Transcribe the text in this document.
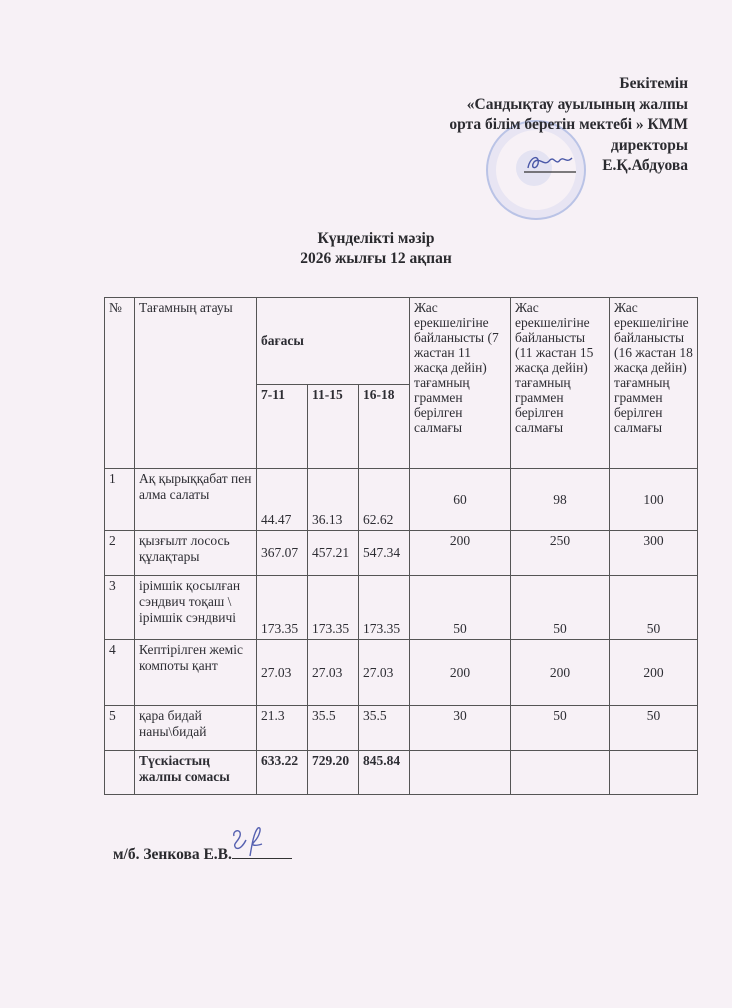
Бекітемін
«Сандықтау ауылының жалпы
орта білім беретін мектебі » КММ
директоры
Е.Қ.Абдуова
Күнделікті мәзір
2026 жылғы 12 ақпан
№	Тағамның атауы	бағасы			Жас ерекшелігіне байланысты (7 жастан 11 жасқа дейін) тағамның граммен берілген салмағы	Жас ерекшелігіне байланысты (11 жастан 15 жасқа дейін) тағамның граммен берілген салмағы	Жас ерекшелігіне байланысты (16 жастан 18 жасқа дейін) тағамның граммен берілген салмағы
		7-11	11-15	16-18			
1	Ақ қырыққабат пен алма салаты	44.47	36.13	62.62	60	98	100
2	қызғылт лосось құлақтары	367.07	457.21	547.34	200	250	300
3	ірімшік қосылған сэндвич тоқаш \ ірімшік сэндвичі	173.35	173.35	173.35	50	50	50
4	Кептірілген жеміс компоты қант	27.03	27.03	27.03	200	200	200
5	қара бидай наны\бидай	21.3	35.5	35.5	30	50	50
	Түскіастың жалпы сомасы	633.22	729.20	845.84			
м/б. Зенкова Е.В.
